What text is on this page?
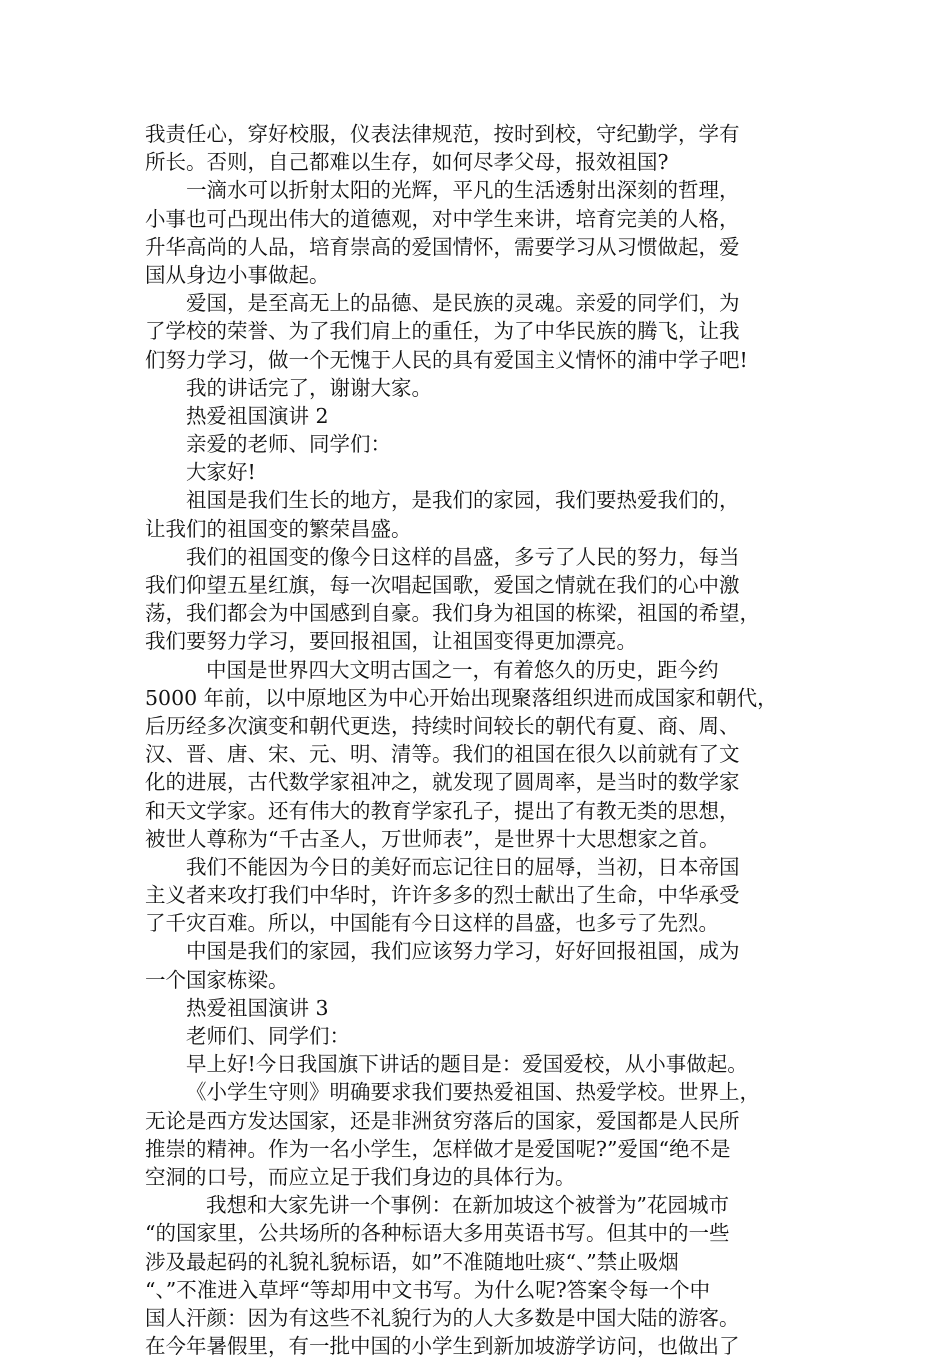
我责任心，穿好校服，仪表法律规范，按时到校，守纪勤学，学有
所长。否则，自己都难以生存，如何尽孝父母，报效祖国?
一滴水可以折射太阳的光辉，平凡的生活透射出深刻的哲理，
小事也可凸现出伟大的道德观，对中学生来讲，培育完美的人格，
升华高尚的人品，培育崇高的爱国情怀，需要学习从习惯做起，爱
国从身边小事做起。
爱国，是至高无上的品德、是民族的灵魂。亲爱的同学们，为
了学校的荣誉、为了我们肩上的重任，为了中华民族的腾飞，让我
们努力学习，做一个无愧于人民的具有爱国主义情怀的浦中学子吧!
我的讲话完了，谢谢大家。
热爱祖国演讲 2
亲爱的老师、同学们：
大家好!
祖国是我们生长的地方，是我们的家园，我们要热爱我们的，
让我们的祖国变的繁荣昌盛。
我们的祖国变的像今日这样的昌盛，多亏了人民的努力，每当
我们仰望五星红旗，每一次唱起国歌，爱国之情就在我们的心中激
荡，我们都会为中国感到自豪。我们身为祖国的栋梁，祖国的希望，
我们要努力学习，要回报祖国，让祖国变得更加漂亮。
中国是世界四大文明古国之一，有着悠久的历史，距今约
5000 年前，以中原地区为中心开始出现聚落组织进而成国家和朝代，
后历经多次演变和朝代更迭，持续时间较长的朝代有夏、商、周、
汉、晋、唐、宋、元、明、清等。我们的祖国在很久以前就有了文
化的进展，古代数学家祖冲之，就发现了圆周率，是当时的数学家
和天文学家。还有伟大的教育学家孔子，提出了有教无类的思想，
被世人尊称为“千古圣人，万世师表”，是世界十大思想家之首。
我们不能因为今日的美好而忘记往日的屈辱，当初，日本帝国
主义者来攻打我们中华时，许许多多的烈士献出了生命，中华承受
了千灾百难。所以，中国能有今日这样的昌盛，也多亏了先烈。
中国是我们的家园，我们应该努力学习，好好回报祖国，成为
一个国家栋梁。
热爱祖国演讲 3
老师们、同学们：
早上好!今日我国旗下讲话的题目是：爱国爱校，从小事做起。
《小学生守则》明确要求我们要热爱祖国、热爱学校。世界上，
无论是西方发达国家，还是非洲贫穷落后的国家，爱国都是人民所
推崇的精神。作为一名小学生，怎样做才是爱国呢?”爱国“绝不是
空洞的口号，而应立足于我们身边的具体行为。
我想和大家先讲一个事例：在新加坡这个被誉为”花园城市
“的国家里，公共场所的各种标语大多用英语书写。但其中的一些
涉及最起码的礼貌礼貌标语，如”不准随地吐痰“、”禁止吸烟
“、”不准进入草坪“等却用中文书写。为什么呢?答案令每一个中
国人汗颜：因为有这些不礼貌行为的人大多数是中国大陆的游客。
在今年暑假里，有一批中国的小学生到新加坡游学访问，也做出了
